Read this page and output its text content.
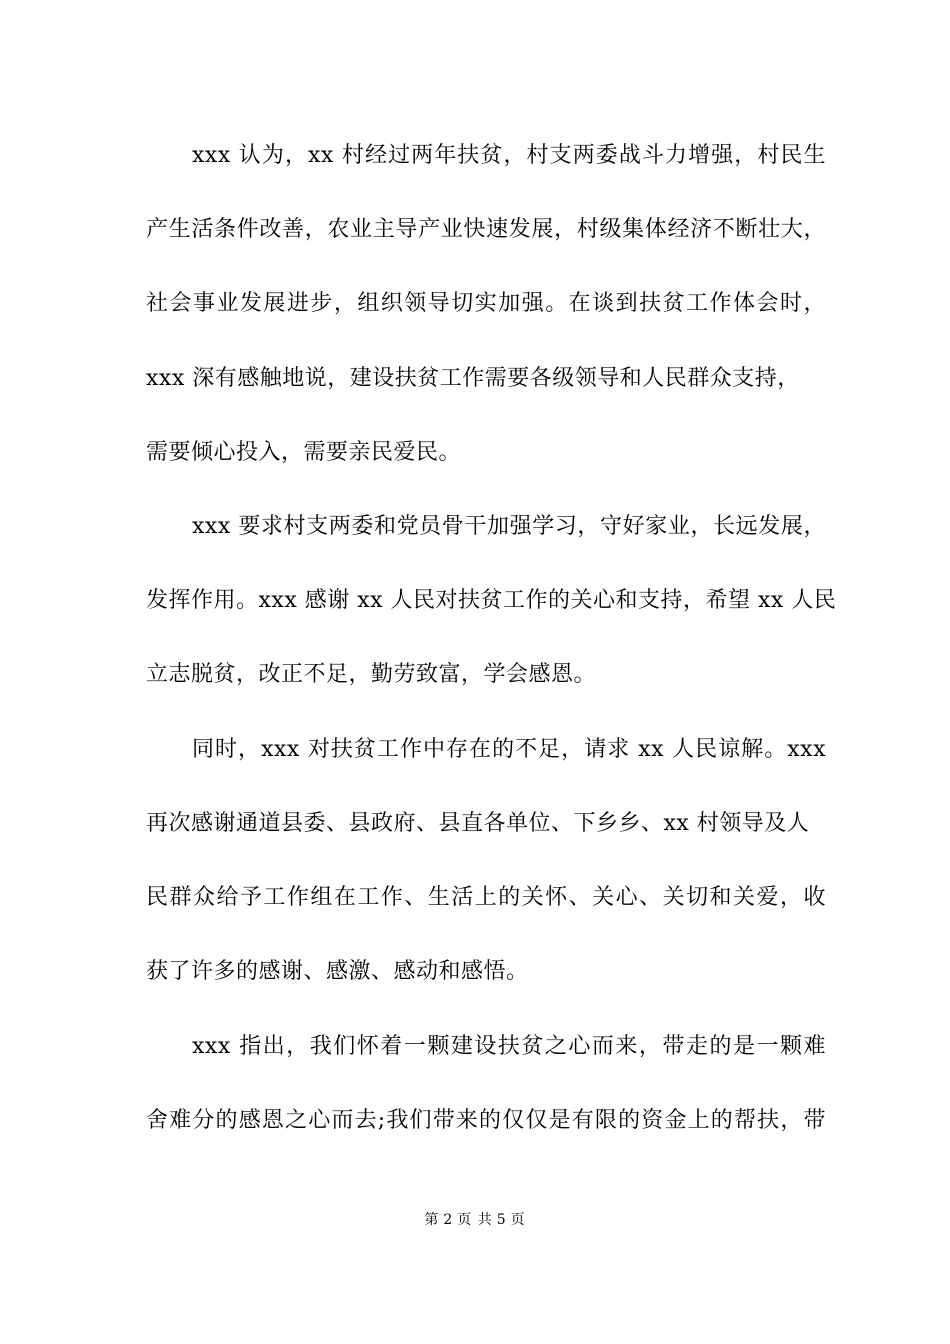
xxx 认为，xx 村经过两年扶贫，村支两委战斗力增强，村民生
产生活条件改善，农业主导产业快速发展，村级集体经济不断壮大，
社会事业发展进步，组织领导切实加强。在谈到扶贫工作体会时，
xxx 深有感触地说，建设扶贫工作需要各级领导和人民群众支持，
需要倾心投入，需要亲民爱民。
xxx 要求村支两委和党员骨干加强学习，守好家业，长远发展，
发挥作用。xxx 感谢 xx 人民对扶贫工作的关心和支持，希望 xx 人民
立志脱贫，改正不足，勤劳致富，学会感恩。
同时，xxx 对扶贫工作中存在的不足，请求 xx 人民谅解。xxx
再次感谢通道县委、县政府、县直各单位、下乡乡、xx 村领导及人
民群众给予工作组在工作、生活上的关怀、关心、关切和关爱，收
获了许多的感谢、感激、感动和感悟。
xxx 指出，我们怀着一颗建设扶贫之心而来，带走的是一颗难
舍难分的感恩之心而去;我们带来的仅仅是有限的资金上的帮扶，带
第 2 页 共 5 页
